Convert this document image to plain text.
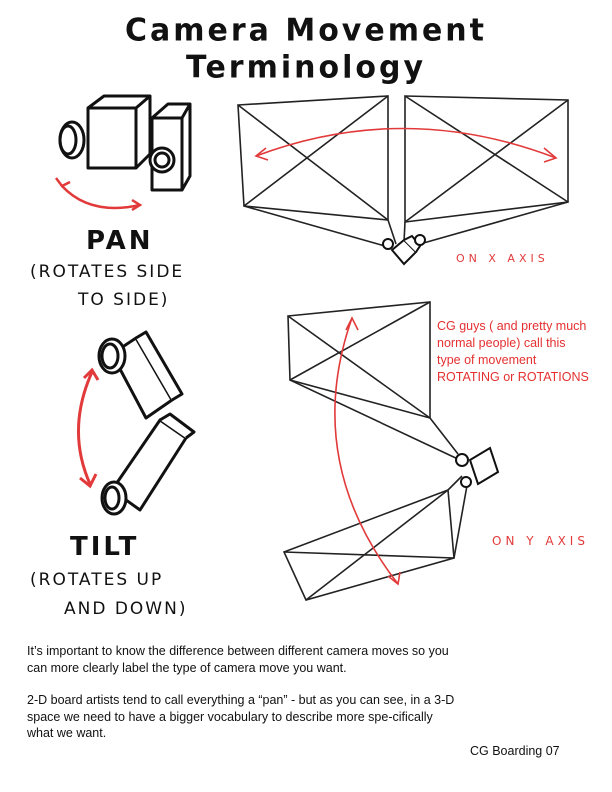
Camera Movement Terminology
PAN
(ROTATES SIDE
TO SIDE)
ON X AXIS
TILT
(ROTATES UP
AND DOWN)
ON Y AXIS
CG guys ( and pretty much
normal people) call this
type of movement
ROTATING or ROTATIONS

It’s important to know the difference between different camera moves so you can more clearly label the type of camera move you want.

2-D board artists tend to call everything a “pan” - but as you can see, in a 3-D space we need to have a bigger vocabulary to describe more spe-cifically what we want.

CG Boarding 07
